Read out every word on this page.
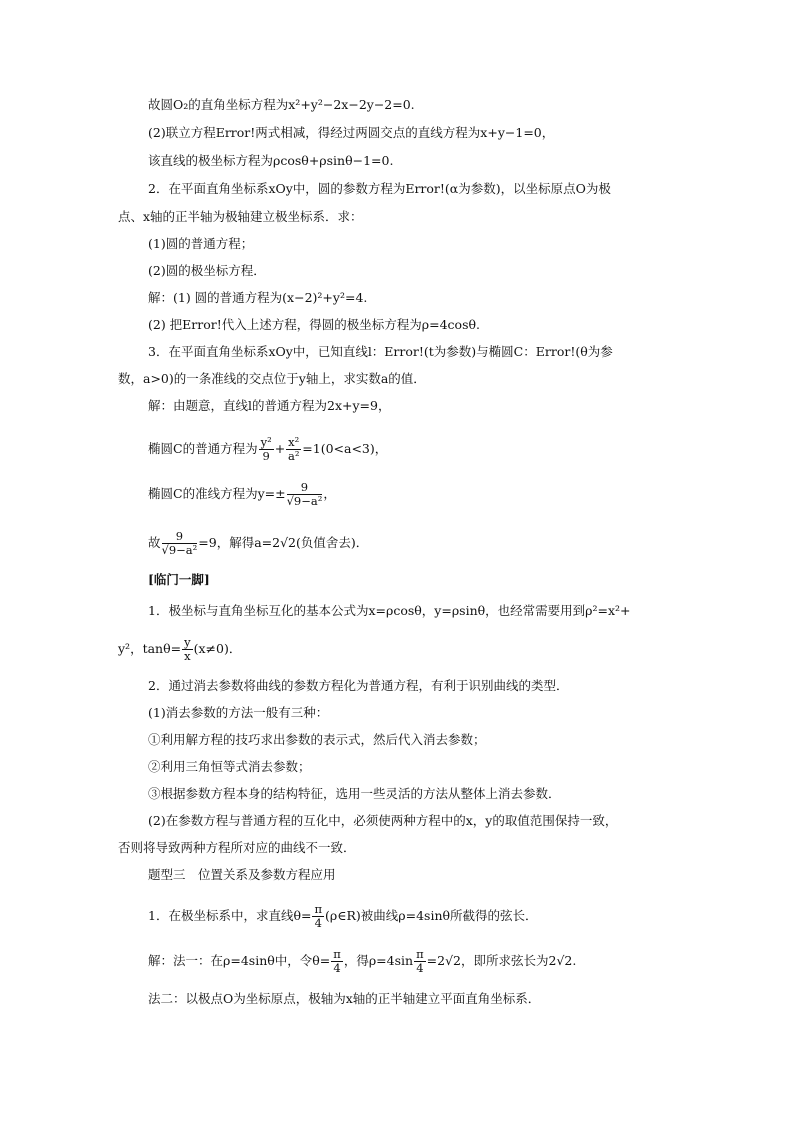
故圆O₂的直角坐标方程为x²+y²−2x−2y−2=0.
(2)联立方程Error!两式相减，得经过两圆交点的直线方程为x+y−1=0，
该直线的极坐标方程为ρcosθ+ρsinθ−1=0.
2．在平面直角坐标系xOy中，圆的参数方程为Error!(α为参数)，以坐标原点O为极
点、x轴的正半轴为极轴建立极坐标系．求：
(1)圆的普通方程；
(2)圆的极坐标方程．
解：(1) 圆的普通方程为(x−2)²+y²=4.
(2) 把Error!代入上述方程，得圆的极坐标方程为ρ=4cosθ.
3．在平面直角坐标系xOy中，已知直线l：Error!(t为参数)与椭圆C：Error!(θ为参
数，a>0)的一条准线的交点位于y轴上，求实数a的值．
解：由题意，直线l的普通方程为2x+y=9，
椭圆C的普通方程为 $\frac{\text{y²}}{9} + \frac{\text{x²}}{\text{a²}} =1(0<a<3)$，
椭圆C的准线方程为$y=\pm \frac{9}{\text{√9−a²}}$ ，
故 $\frac{9}{\text{√9−a²}} =9$，解得a=2√2(负值舍去)．
[临门一脚]
1．极坐标与直角坐标互化的基本公式为x=ρcosθ，y=ρsinθ，也经常需要用到ρ²=x²+
y²，$\tan\theta= \frac{y}{x} (x\ne 0)$．
2．通过消去参数将曲线的参数方程化为普通方程，有利于识别曲线的类型．
(1)消去参数的方法一般有三种：
①利用解方程的技巧求出参数的表示式，然后代入消去参数；
②利用三角恒等式消去参数；
③根据参数方程本身的结构特征，选用一些灵活的方法从整体上消去参数．
(2)在参数方程与普通方程的互化中，必须使两种方程中的x，y的取值范围保持一致，
否则将导致两种方程所对应的曲线不一致．
题型三　位置关系及参数方程应用
1．在极坐标系中，求直线$\theta= \frac{\pi}{4}$ (ρ∈R)被曲线ρ=4sinθ所截得的弦长．
解：法一：在ρ=4sinθ中，令$\theta= \frac{\pi}{4}$ ，得$\rho=4\sin \frac{\pi}{4} =2√2$，即所求弦长为2√2.
法二：以极点O为坐标原点，极轴为x轴的正半轴建立平面直角坐标系．
